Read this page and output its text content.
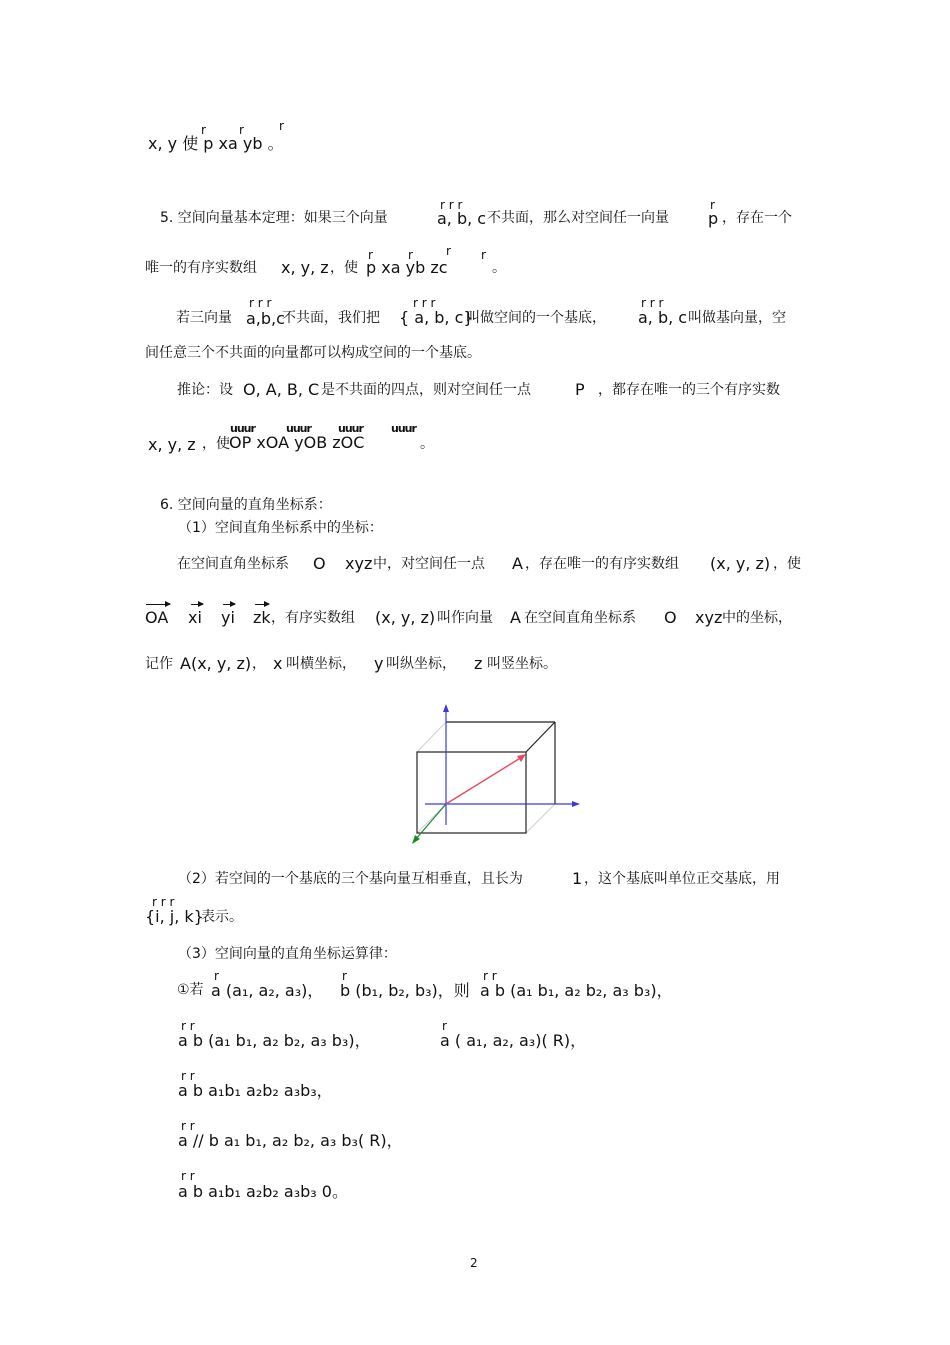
x, y 使 p xa yb 。
r	r	r
5. 空间向量基本定理：如果三个向量	a, b, c
r r r
不共面，那么对空间任一向量 p
r
，存在一个
唯一的有序实数组 x, y, z ，使 p xa yb zc
r	r	r	r
。
若三向量 a,b,c
r r r
不共面，我们把 { a, b, c}
r r r
叫做空间的一个基底， a, b, c
r r r
叫做基向量，空
间任意三个不共面的向量都可以构成空间的一个基底。
推论：设 O, A, B, C 是不共面的四点，则对空间任一点	P ，都存在唯一的三个有序实数
x, y, z ，使 OP xOA yOB zOC
uuur	uuur uuur	uuur
。
6. 空间向量的直角坐标系：
（1）空间直角坐标系中的坐标：
在空间直角坐标系 O xyz 中，对空间任一点 A ，存在唯一的有序实数组 (x, y, z) ，使
OA xi yi zk ，有序实数组 (x, y, z) 叫作向量 A 在空间直角坐标系 O xyz 中的坐标，
记作 A(x, y, z) ， x 叫横坐标， y 叫纵坐标， z 叫竖坐标。
（2）若空间的一个基底的三个基向量互相垂直，且长为	1 ，这个基底叫单位正交基底，用
r r r
{i, j, k}
表示。
（3）空间向量的直角坐标运算律：
r	r	r r
①若 a (a₁, a₂, a₃)， b (b₁, b₂, b₃)，则 a b (a₁ b₁, a₂ b₂, a₃ b₃)，
r r	r
a b (a₁ b₁, a₂ b₂, a₃ b₃)，	a ( a₁, a₂, a₃)( R)，
r r
a b a₁b₁ a₂b₂ a₃b₃，
r r
a // b a₁ b₁, a₂ b₂, a₃ b₃( R)，
r r
a b a₁b₁ a₂b₂ a₃b₃ 0。
2
